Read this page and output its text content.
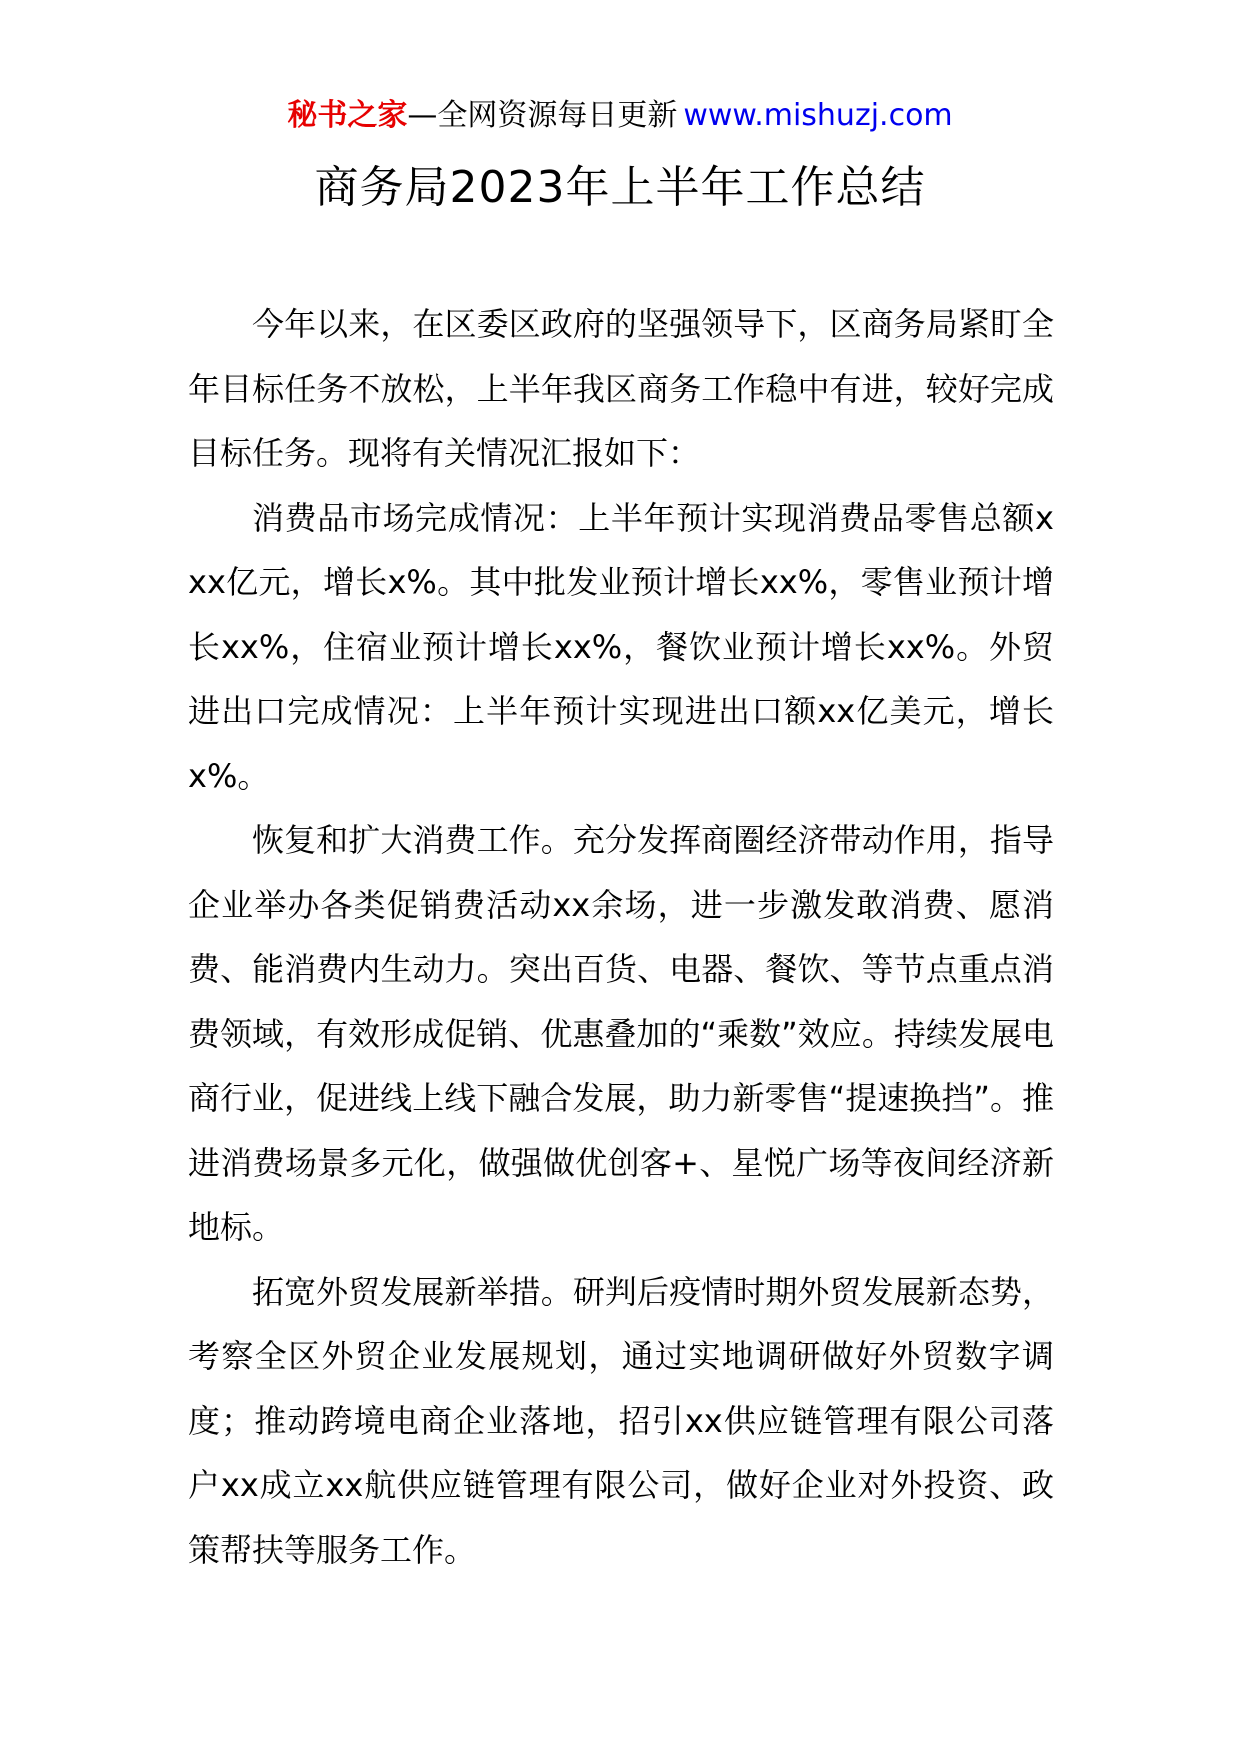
秘书之家—全网资源每日更新 www.mishuzj.com
商务局2023年上半年工作总结

今年以来，在区委区政府的坚强领导下，区商务局紧盯全年目标任务不放松，上半年我区商务工作稳中有进，较好完成目标任务。现将有关情况汇报如下：

消费品市场完成情况：上半年预计实现消费品零售总额xxx亿元，增长x%。其中批发业预计增长xx%，零售业预计增长xx%，住宿业预计增长xx%，餐饮业预计增长xx%。外贸进出口完成情况：上半年预计实现进出口额xx亿美元，增长x%。

恢复和扩大消费工作。充分发挥商圈经济带动作用，指导企业举办各类促销费活动xx余场，进一步激发敢消费、愿消费、能消费内生动力。突出百货、电器、餐饮、等节点重点消费领域，有效形成促销、优惠叠加的“乘数”效应。持续发展电商行业，促进线上线下融合发展，助力新零售“提速换挡”。推进消费场景多元化，做强做优创客+、星悦广场等夜间经济新地标。

拓宽外贸发展新举措。研判后疫情时期外贸发展新态势，考察全区外贸企业发展规划，通过实地调研做好外贸数字调度；推动跨境电商企业落地，招引xx供应链管理有限公司落户xx成立xx航供应链管理有限公司，做好企业对外投资、政策帮扶等服务工作。
